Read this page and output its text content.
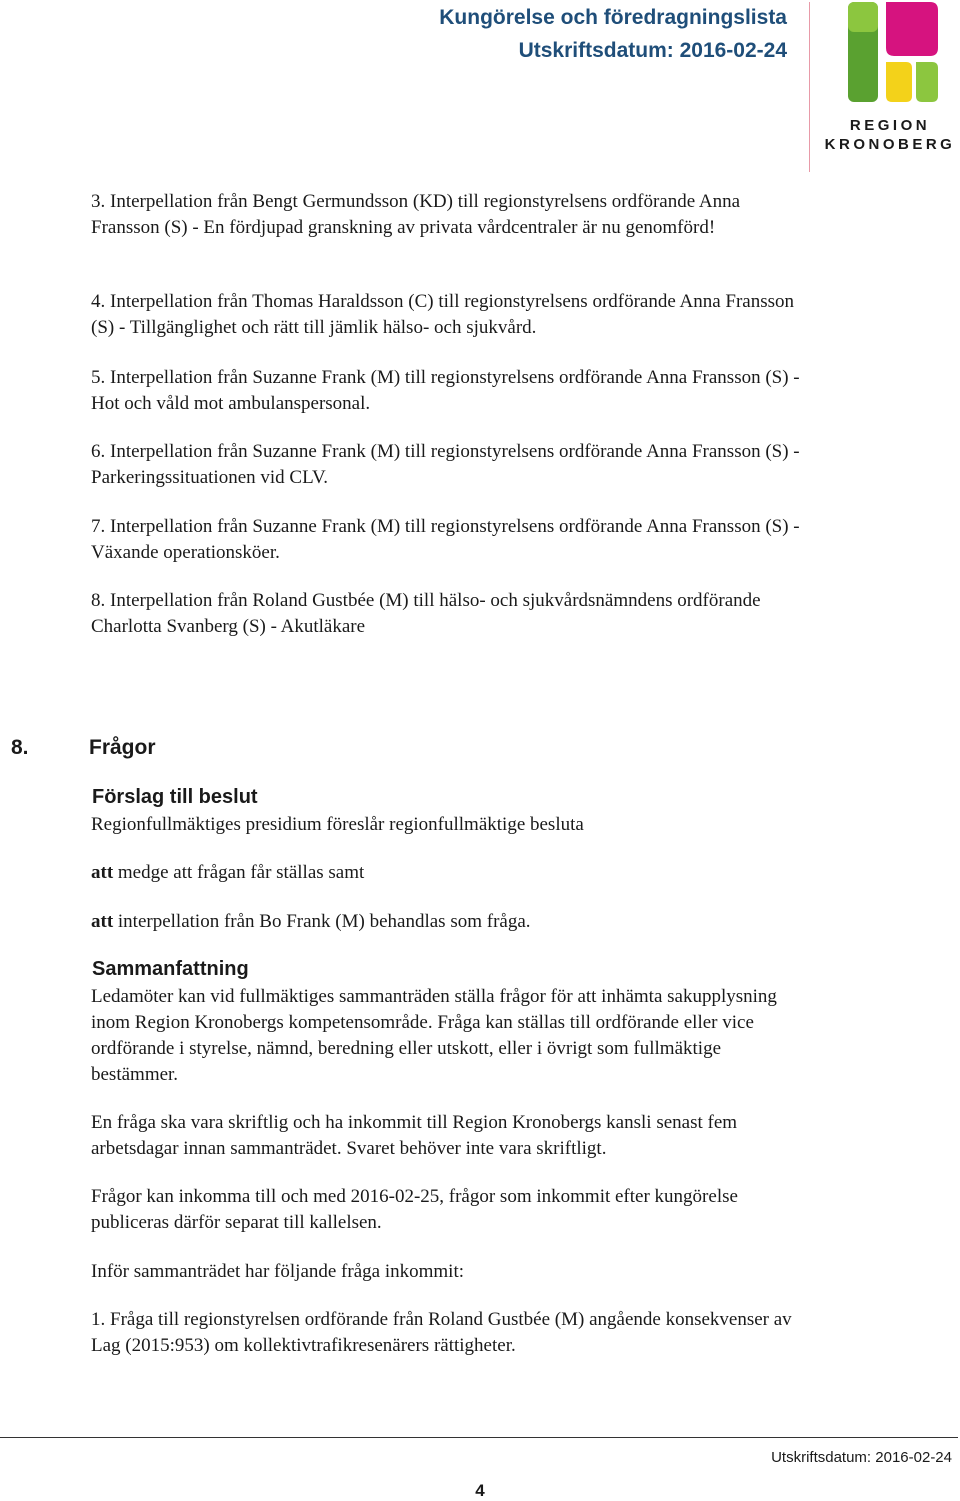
Kungörelse och föredragningslista
Utskriftsdatum: 2016-02-24
REGION
KRONOBERG

3. Interpellation från Bengt Germundsson (KD) till regionstyrelsens ordförande Anna Fransson (S) - En fördjupad granskning av privata vårdcentraler är nu genomförd!

4. Interpellation från Thomas Haraldsson (C) till regionstyrelsens ordförande Anna Fransson (S) - Tillgänglighet och rätt till jämlik hälso- och sjukvård.

5. Interpellation från Suzanne Frank (M) till regionstyrelsens ordförande Anna Fransson (S) - Hot och våld mot ambulanspersonal.

6. Interpellation från Suzanne Frank (M) till regionstyrelsens ordförande Anna Fransson (S) - Parkeringssituationen vid CLV.

7. Interpellation från Suzanne Frank (M) till regionstyrelsens ordförande Anna Fransson (S) - Växande operationsköer.

8. Interpellation från Roland Gustbée (M) till hälso- och sjukvårdsnämndens ordförande Charlotta Svanberg (S) - Akutläkare

8.	Frågor
Förslag till beslut

Regionfullmäktiges presidium föreslår regionfullmäktige besluta

att medge att frågan får ställas samt

att interpellation från Bo Frank (M) behandlas som fråga.

Sammanfattning

Ledamöter kan vid fullmäktiges sammanträden ställa frågor för att inhämta sakupplysning inom Region Kronobergs kompetensområde. Fråga kan ställas till ordförande eller vice ordförande i styrelse, nämnd, beredning eller utskott, eller i övrigt som fullmäktige bestämmer.

En fråga ska vara skriftlig och ha inkommit till Region Kronobergs kansli senast fem arbetsdagar innan sammanträdet. Svaret behöver inte vara skriftligt.

Frågor kan inkomma till och med 2016-02-25, frågor som inkommit efter kungörelse publiceras därför separat till kallelsen.

Inför sammanträdet har följande fråga inkommit:

1. Fråga till regionstyrelsen ordförande från Roland Gustbée (M) angående konsekvenser av Lag (2015:953) om kollektivtrafikresenärers rättigheter.

Utskriftsdatum: 2016-02-24
4
